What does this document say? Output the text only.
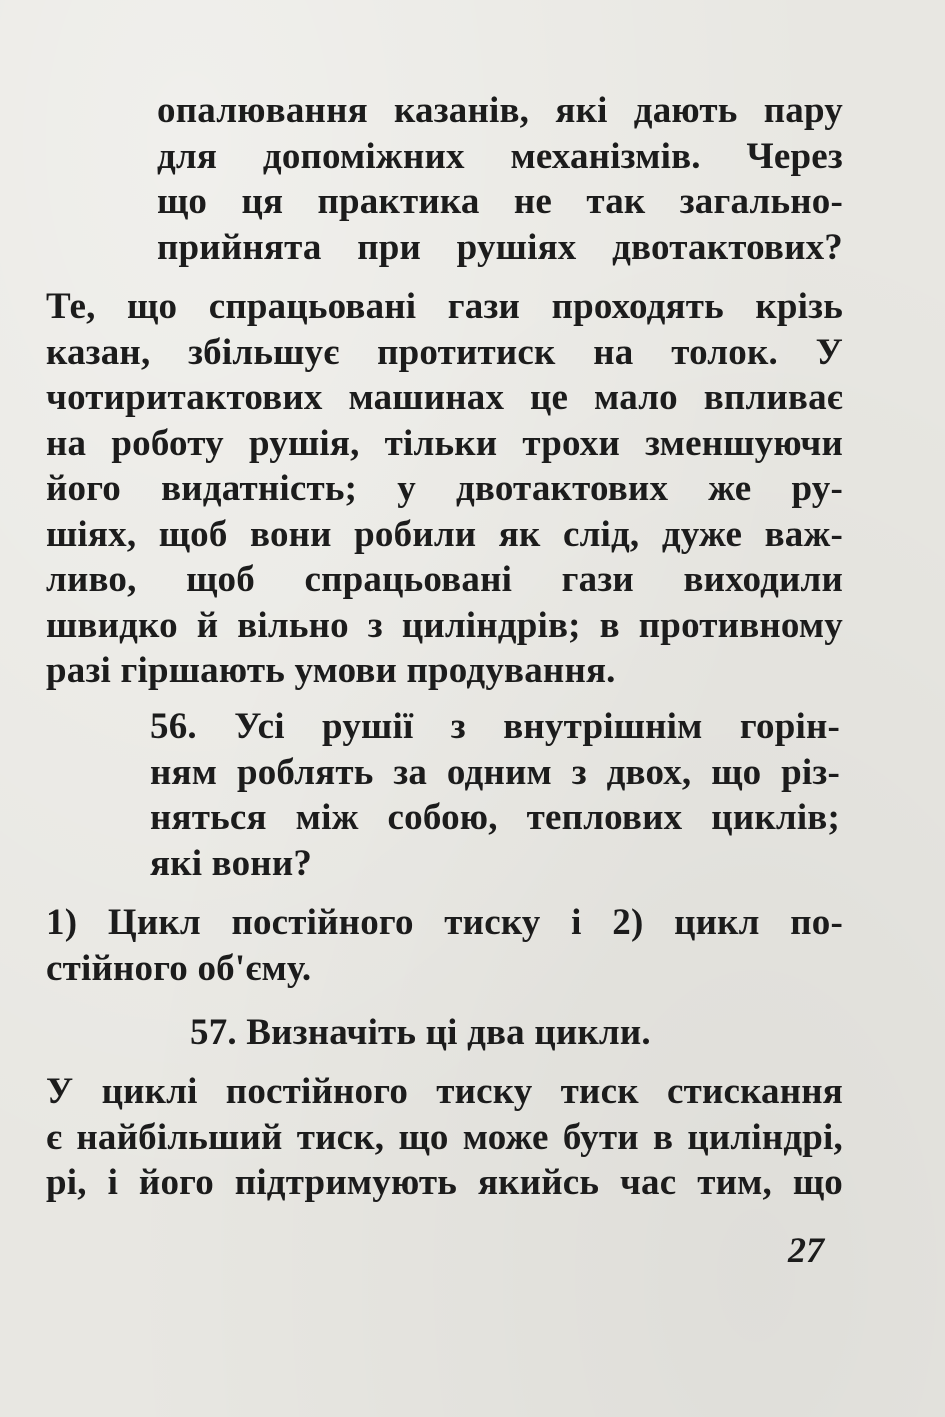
опалювання казанів, які дають пару
для допоміжних механізмів. Через
що ця практика не так загально-
прийнята при рушіях двотактових?
Те, що спрацьовані гази проходять крізь
казан, збільшує протитиск на толок. У
чотиритактових машинах це мало впливає
на роботу рушія, тільки трохи зменшуючи
його видатність; у двотактових же ру-
шіях, щоб вони робили як слід, дуже важ-
ливо, щоб спрацьовані гази виходили
швидко й вільно з циліндрів; в противному
разі гіршають умови продування.
56. Усі рушії з внутрішнім горін-
ням роблять за одним з двох, що різ-
няться між собою, теплових циклів;
які вони?
1) Цикл постійного тиску і 2) цикл по-
стійного об'єму.
57. Визначіть ці два цикли.
У циклі постійного тиску тиск стискання
є найбільший тиск, що може бути в циліндрі,
рі, і його підтримують якийсь час тим, що
27
